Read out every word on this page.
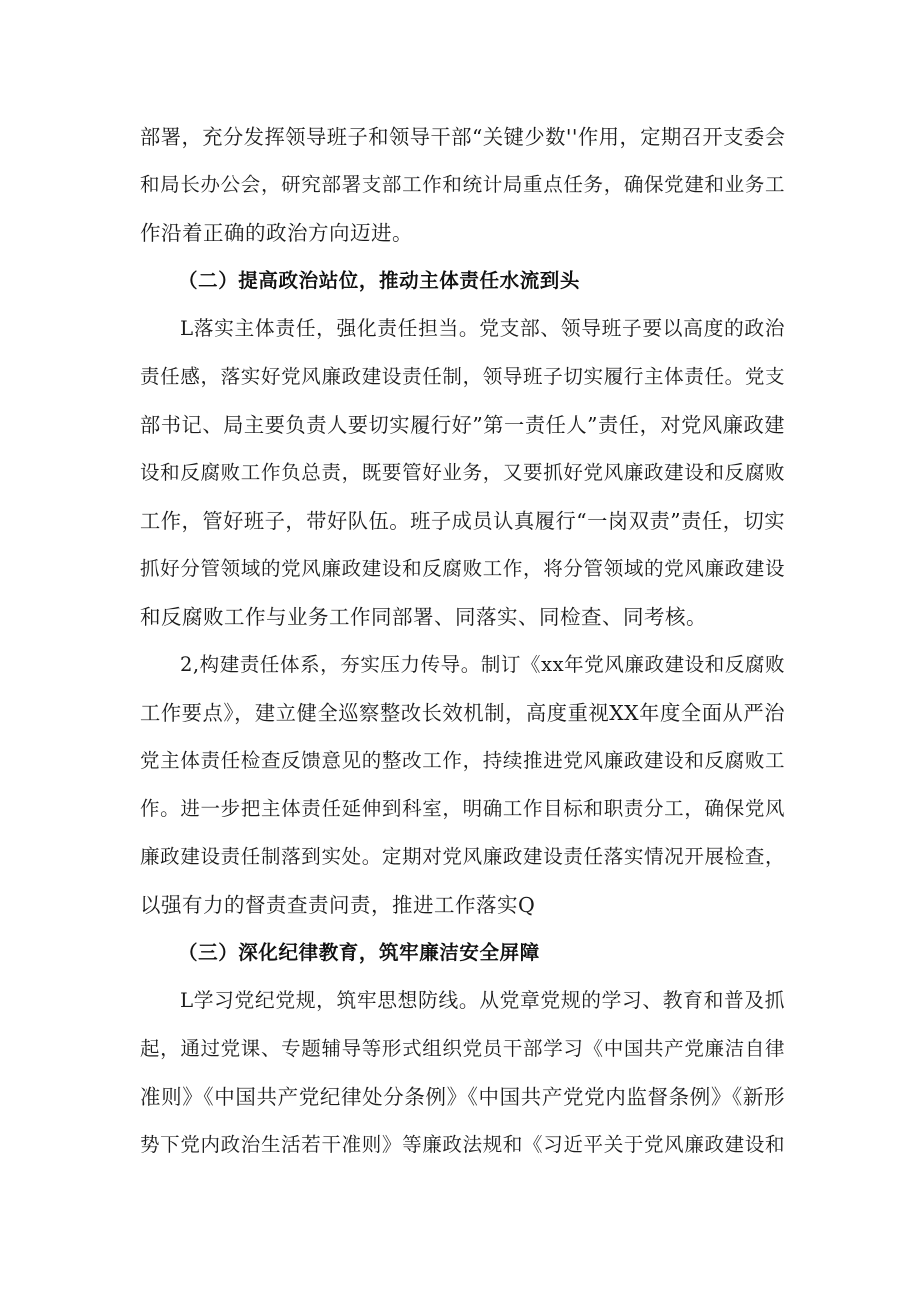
部署，充分发挥领导班子和领导干部“关键少数''作用，定期召开支委会
和局长办公会，研究部署支部工作和统计局重点任务，确保党建和业务工
作沿着正确的政治方向迈进。
（二）提高政治站位，推动主体责任水流到头
L落实主体责任，强化责任担当。党支部、领导班子要以高度的政治
责任感，落实好党风廉政建设责任制，领导班子切实履行主体责任。党支
部书记、局主要负责人要切实履行好”第一责任人”责任，对党风廉政建
设和反腐败工作负总责，既要管好业务，又要抓好党风廉政建设和反腐败
工作，管好班子，带好队伍。班子成员认真履行“一岗双责”责任，切实
抓好分管领域的党风廉政建设和反腐败工作，将分管领域的党风廉政建设
和反腐败工作与业务工作同部署、同落实、同检查、同考核。
2,构建责任体系，夯实压力传导。制订《xx年党风廉政建设和反腐败
工作要点》，建立健全巡察整改长效机制，高度重视XX年度全面从严治
党主体责任检查反馈意见的整改工作，持续推进党风廉政建设和反腐败工
作。进一步把主体责任延伸到科室，明确工作目标和职责分工，确保党风
廉政建设责任制落到实处。定期对党风廉政建设责任落实情况开展检查，
以强有力的督责查责问责，推进工作落实Q
（三）深化纪律教育，筑牢廉洁安全屏障
L学习党纪党规，筑牢思想防线。从党章党规的学习、教育和普及抓
起，通过党课、专题辅导等形式组织党员干部学习《中国共产党廉洁自律
准则》《中国共产党纪律处分条例》《中国共产党党内监督条例》《新形
势下党内政治生活若干准则》等廉政法规和《习近平关于党风廉政建设和
